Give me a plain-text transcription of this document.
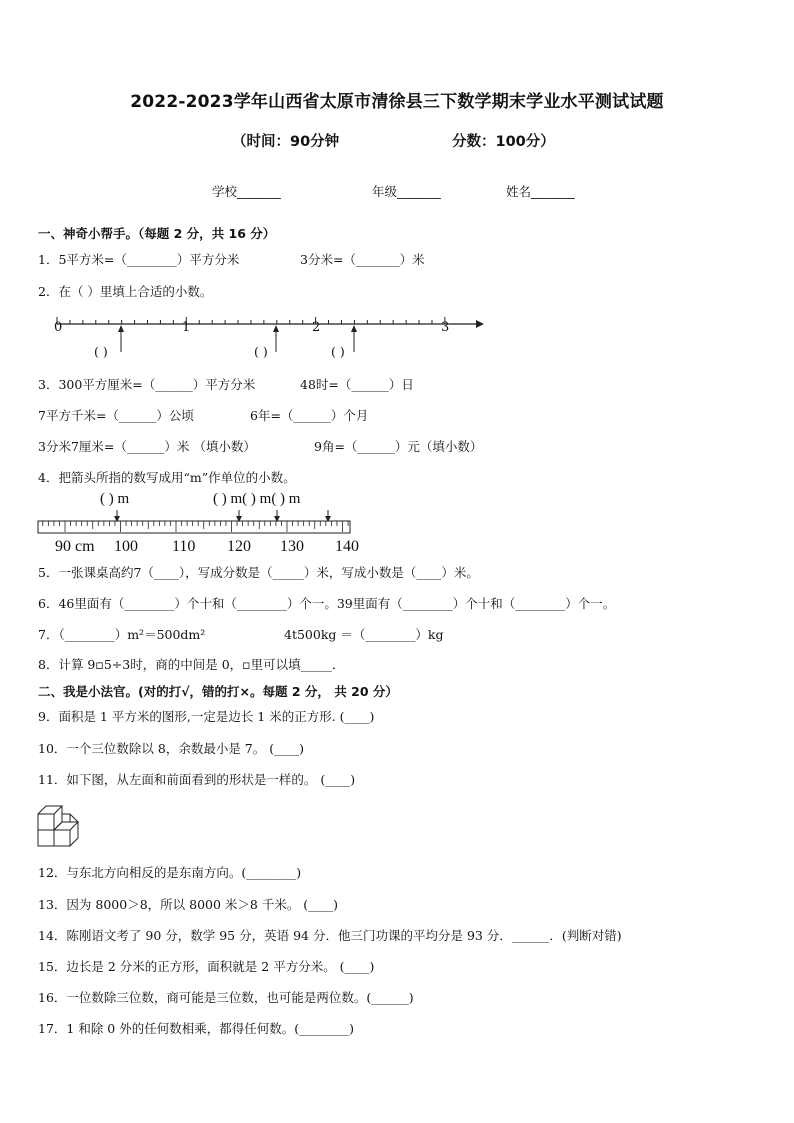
2022-2023学年山西省太原市清徐县三下数学期末学业水平测试试题
（时间：90分钟	分数：100分）
学校_______	年级_______	姓名_______
一、神奇小帮手。（每题 2 分，共 16 分）
1．5平方米=（________）平方分米	3分米=（_______）米
2．在（ ）里填上合适的小数。
0	1	2	3
( )	( )	( )
3．300平方厘米=（______）平方分米	48时=（______）日
7平方千米=（______）公顷	6年=（______）个月
3分米7厘米=（______）米 （填小数）	9角=（______）元（填小数）
4．把箭头所指的数写成用“m”作单位的小数。
( ) m	( ) m( ) m( ) m
90 cm 100 110 120 130 140
5．一张课桌高约7（____），写成分数是（_____）米，写成小数是（____）米。
6．46里面有（________）个十和（________）个一。39里面有（________）个十和（________）个一。
7．（________）m²＝500dm²	4t500kg ＝（________）kg
8．计算 9▫5÷3时，商的中间是 0，▫里可以填_____．
二、我是小法官。(对的打√，错的打×。每题 2 分， 共 20 分）
9．面积是 1 平方米的图形,一定是边长 1 米的正方形. (____)
10．一个三位数除以 8，余数最小是 7。 (____)
11．如下图，从左面和前面看到的形状是一样的。 (____)
12．与东北方向相反的是东南方向。(________)
13．因为 8000＞8，所以 8000 米＞8 千米。 (____)
14．陈刚语文考了 90 分，数学 95 分，英语 94 分．他三门功课的平均分是 93 分．______．(判断对错)
15．边长是 2 分米的正方形，面积就是 2 平方分米。 (____)
16．一位数除三位数，商可能是三位数，也可能是两位数。(______)
17．1 和除 0 外的任何数相乘，都得任何数。(________)
